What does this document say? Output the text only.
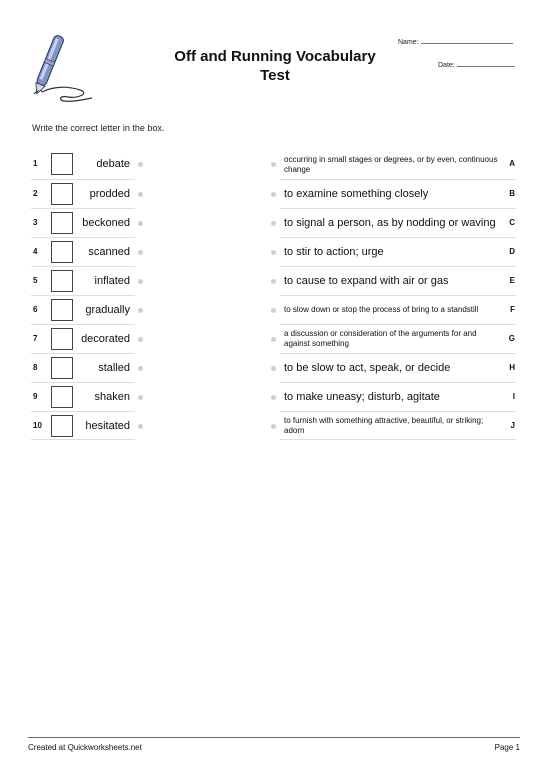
Off and Running Vocabulary
Test
Name:
Date:
Write the correct letter in the box.
1	debate
2	prodded
3	beckoned
4	scanned
5	inflated
6	gradually
7	decorated
8	stalled
9	shaken
10	hesitated
occurring in small stages or degrees, or by even, continuous change
A
to examine something closely	B
to signal a person, as by nodding or waving C
to stir to action; urge	D
to cause to expand with air or gas	E
to slow down or stop the process of bring to a standstill	F
a discussion or consideration of the arguments for and against something
G
to be slow to act, speak, or decide	H
to make uneasy; disturb, agitate	I
to furnish with something attractive, beautiful, or striking; adorn	J
Created at Quickworksheets.net	Page 1
